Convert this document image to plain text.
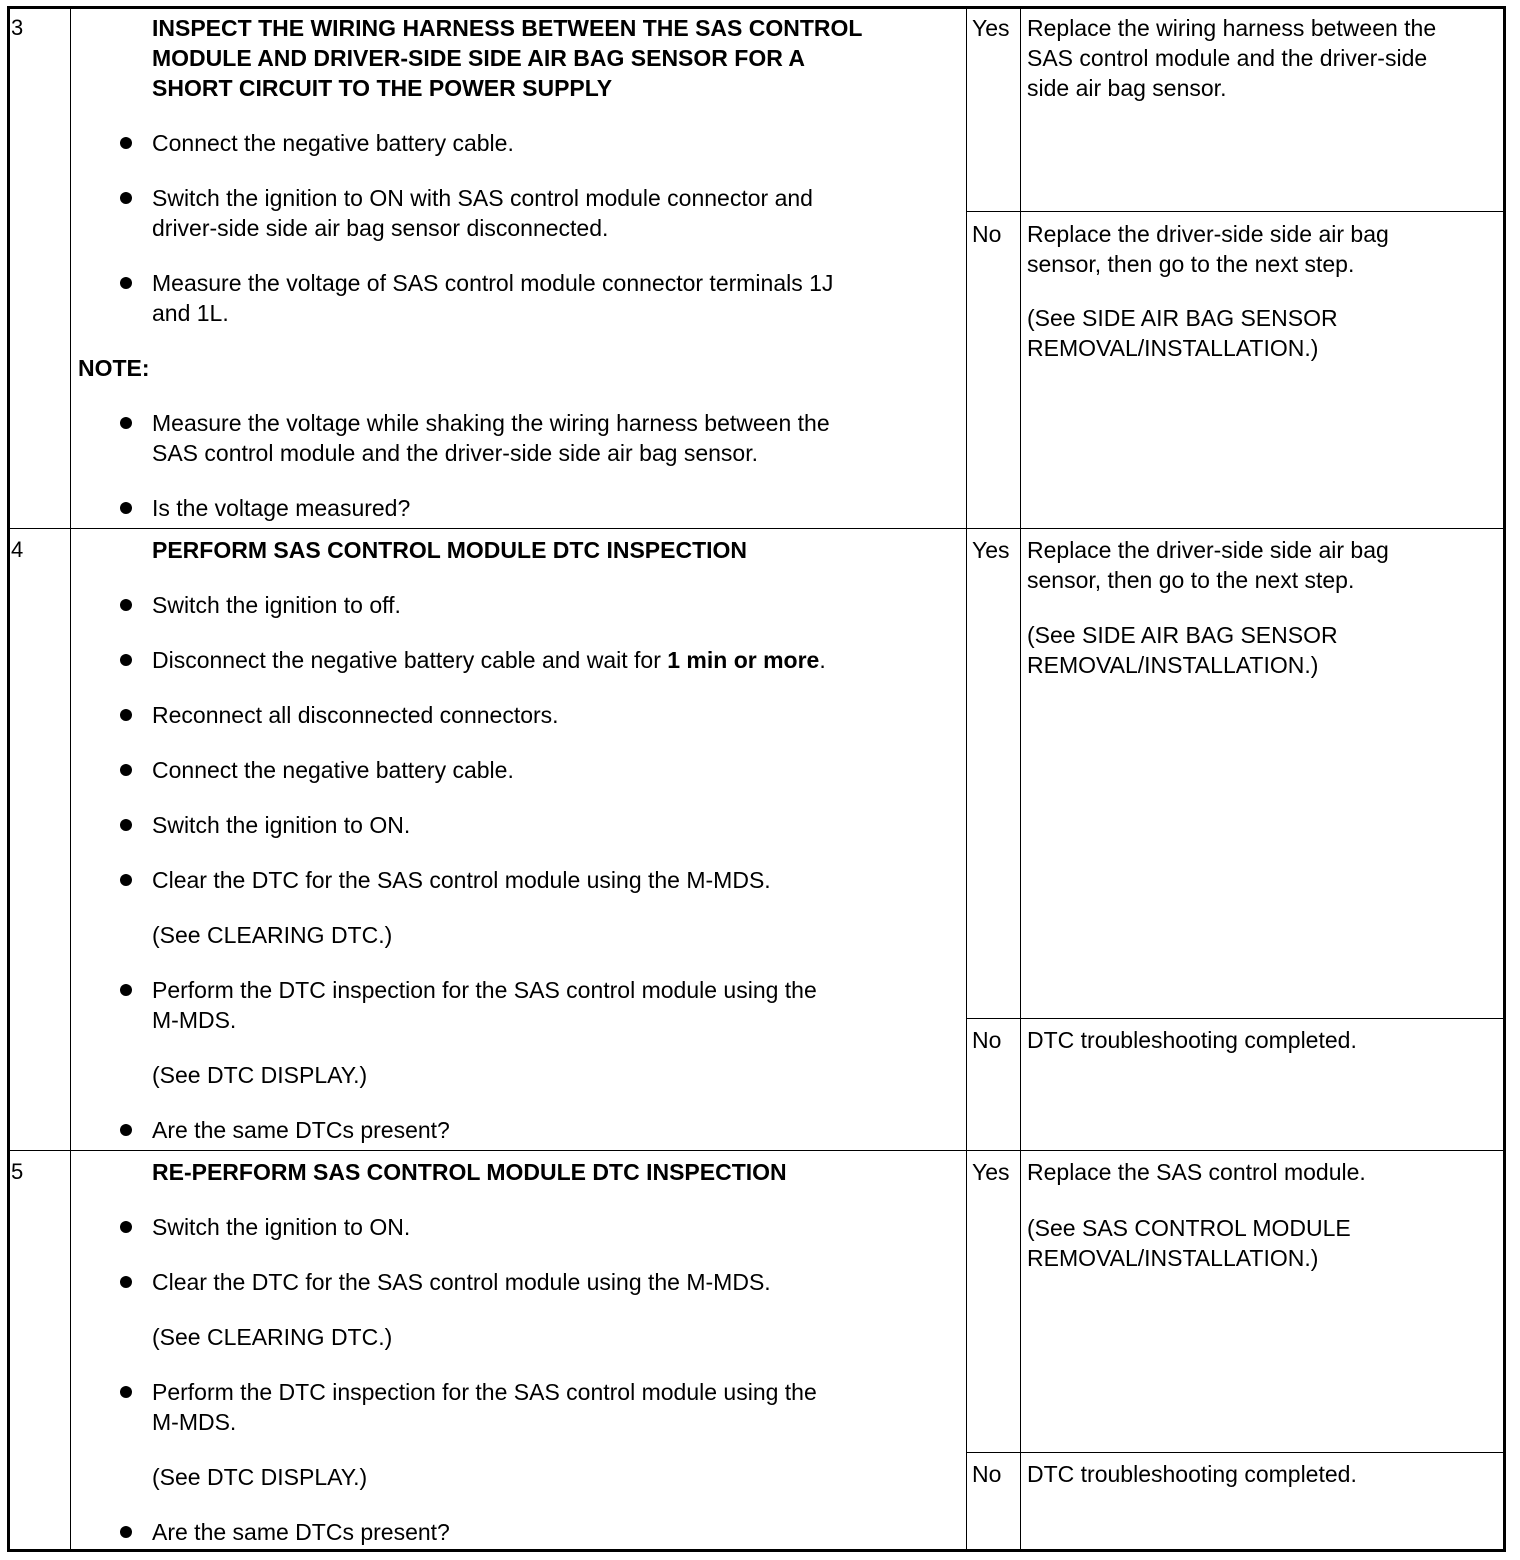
3	INSPECT THE WIRING HARNESS BETWEEN THE SAS CONTROL
MODULE AND DRIVER-SIDE SIDE AIR BAG SENSOR FOR A
SHORT CIRCUIT TO THE POWER SUPPLY
Connect the negative battery cable.
Switch the ignition to ON with SAS control module connector and
driver-side side air bag sensor disconnected.
Measure the voltage of SAS control module connector terminals 1J
and 1L.
NOTE:
Measure the voltage while shaking the wiring harness between the
SAS control module and the driver-side side air bag sensor.
Is the voltage measured?
Yes Replace the wiring harness between the
SAS control module and the driver-side
side air bag sensor.
No Replace the driver-side side air bag
sensor, then go to the next step.
(See SIDE AIR BAG SENSOR
REMOVAL/INSTALLATION.)
4	PERFORM SAS CONTROL MODULE DTC INSPECTION
Switch the ignition to off.
Disconnect the negative battery cable and wait for 1 min or more.
Reconnect all disconnected connectors.
Connect the negative battery cable.
Switch the ignition to ON.
Clear the DTC for the SAS control module using the M-MDS.
(See CLEARING DTC.)
Perform the DTC inspection for the SAS control module using the
M-MDS.
(See DTC DISPLAY.)
Are the same DTCs present?
Yes Replace the driver-side side air bag
sensor, then go to the next step.
(See SIDE AIR BAG SENSOR
REMOVAL/INSTALLATION.)
No DTC troubleshooting completed.
5	RE-PERFORM SAS CONTROL MODULE DTC INSPECTION
Switch the ignition to ON.
Clear the DTC for the SAS control module using the M-MDS.
(See CLEARING DTC.)
Perform the DTC inspection for the SAS control module using the
M-MDS.
(See DTC DISPLAY.)
Are the same DTCs present?
Yes Replace the SAS control module.
(See SAS CONTROL MODULE
REMOVAL/INSTALLATION.)
No DTC troubleshooting completed.
